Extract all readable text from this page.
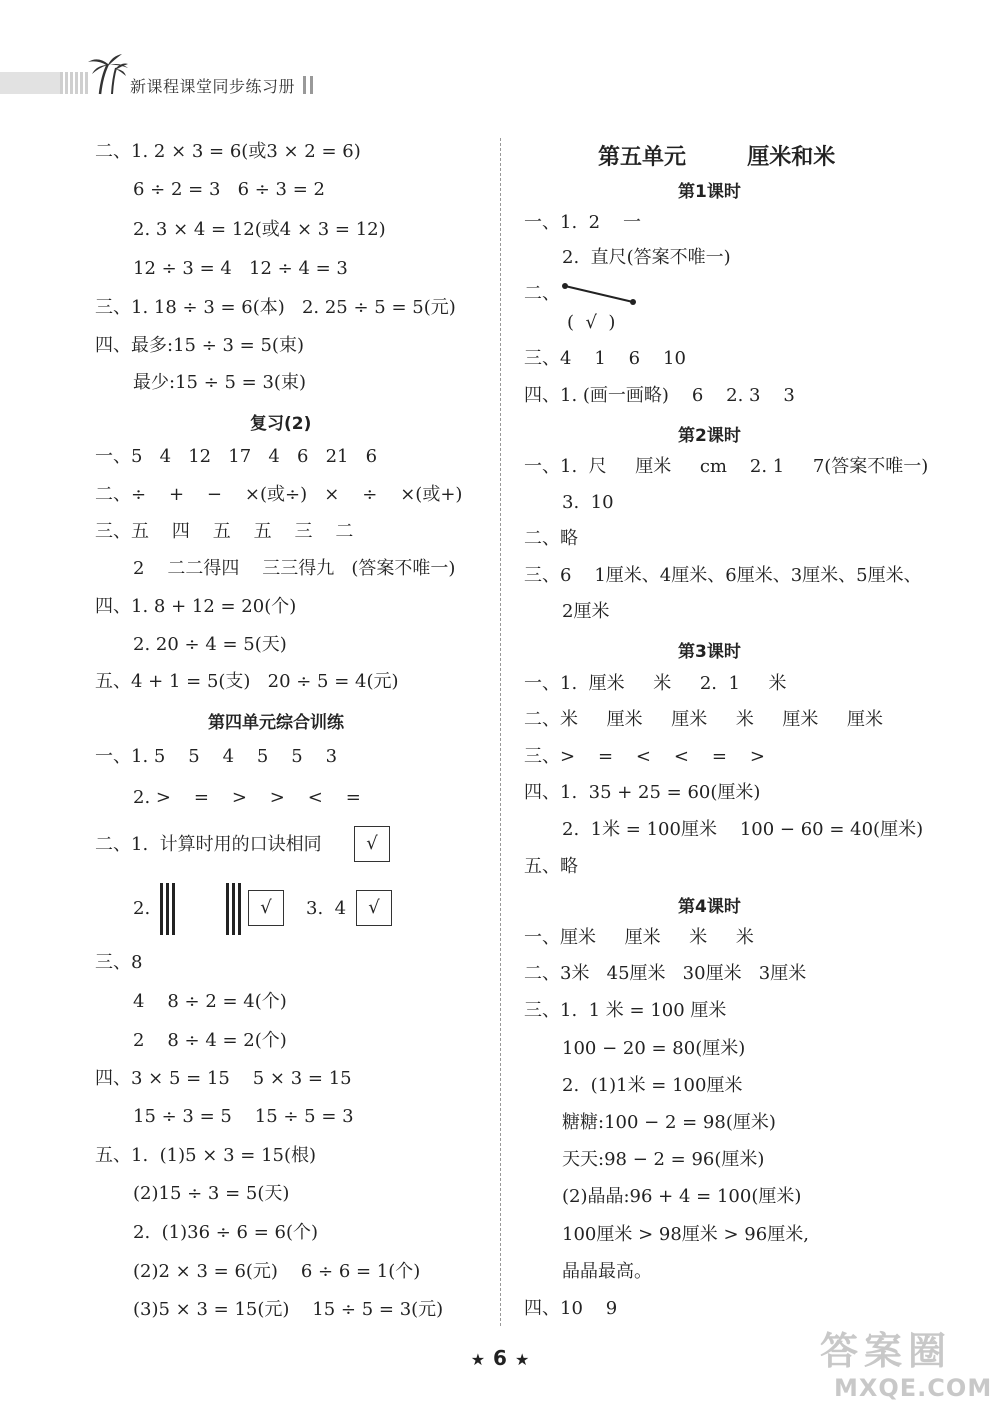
新课程课堂同步练习册
二、1. 2 × 3 = 6(或3 × 2 = 6)
6 ÷ 2 = 3   6 ÷ 3 = 2
2. 3 × 4 = 12(或4 × 3 = 12)
12 ÷ 3 = 4   12 ÷ 4 = 3
三、1. 18 ÷ 3 = 6(本)   2. 25 ÷ 5 = 5(元)
四、最多:15 ÷ 3 = 5(束)
最少:15 ÷ 5 = 3(束)
复习(2)
一、5   4   12   17   4   6   21   6
二、÷    +    −    ×(或÷)   ×    ÷    ×(或+)
三、五    四    五    五    三    二
2    二二得四    三三得九   (答案不唯一)
四、1. 8 + 12 = 20(个)
2. 20 ÷ 4 = 5(天)
五、4 + 1 = 5(支)   20 ÷ 5 = 4(元)
第四单元综合训练
一、1. 5    5    4    5    5    3
2. >    =    >    >    <    =
二、1.  计算时用的口诀相同	√
2.	√	3.  4	√
三、8
4    8 ÷ 2 = 4(个)
2    8 ÷ 4 = 2(个)
四、3 × 5 = 15    5 × 3 = 15
15 ÷ 3 = 5    15 ÷ 5 = 3
五、1.  (1)5 × 3 = 15(根)
(2)15 ÷ 3 = 5(天)
2.  (1)36 ÷ 6 = 6(个)
(2)2 × 3 = 6(元)    6 ÷ 6 = 1(个)
(3)5 × 3 = 15(元)    15 ÷ 5 = 3(元)
第五单元        厘米和米
第1课时
一、1.  2    一
2.  直尺(答案不唯一)
二、
(  √  )
三、4    1    6    10
四、1. (画一画略)    6    2. 3    3
第2课时
一、1.  尺     厘米     cm    2. 1     7(答案不唯一)
3.  10
二、略
三、6    1厘米、4厘米、6厘米、3厘米、5厘米、
2厘米
第3课时
一、1.  厘米     米     2.  1     米
二、米     厘米     厘米     米     厘米     厘米
三、>    =    <    <    =    >
四、1.  35 + 25 = 60(厘米)
2.  1米 = 100厘米    100 − 60 = 40(厘米)
五、略
第4课时
一、厘米     厘米     米     米
二、3米   45厘米   30厘米   3厘米
三、1.  1 米 = 100 厘米
100 − 20 = 80(厘米)
2.  (1)1米 = 100厘米
糖糖:100 − 2 = 98(厘米)
天天:98 − 2 = 96(厘米)
(2)晶晶:96 + 4 = 100(厘米)
100厘米 > 98厘米 > 96厘米,
晶晶最高。
四、10    9
★ 6 ★	答案圈
MXQE.COM
